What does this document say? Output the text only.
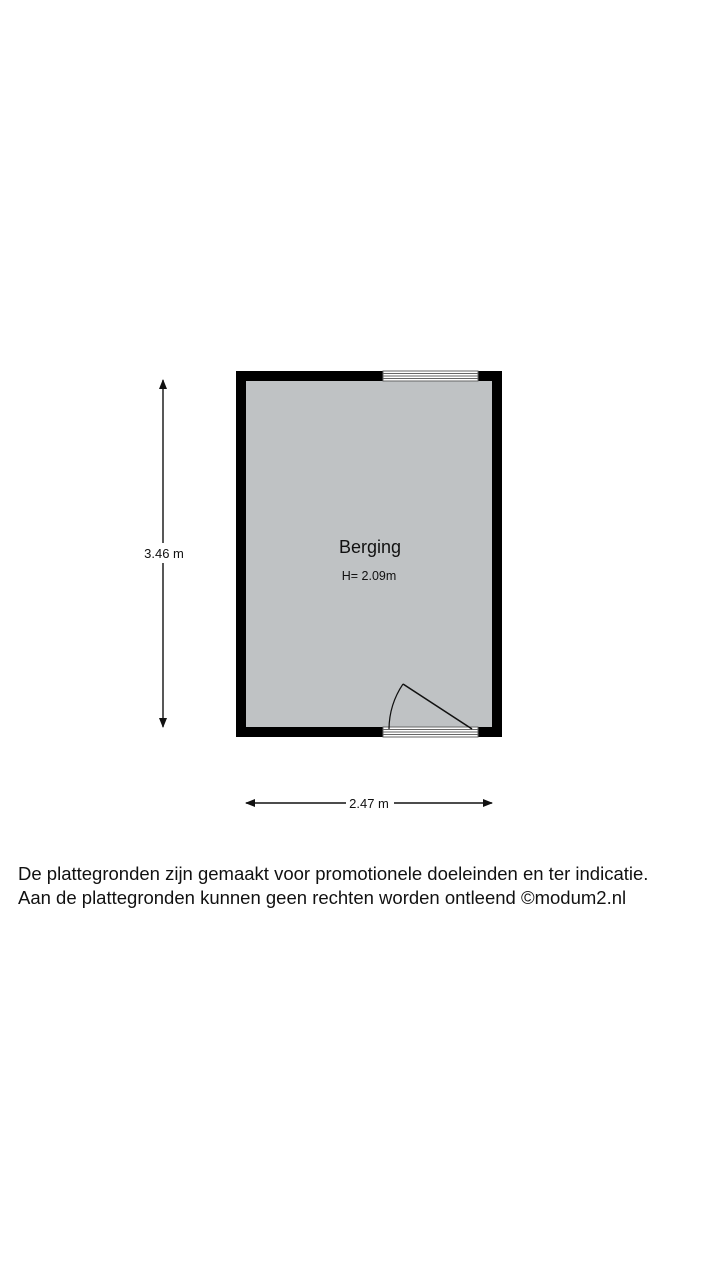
3.46 m
2.47 m
Berging
H= 2.09m
De plattegronden zijn gemaakt voor promotionele doeleinden en ter indicatie.
Aan de plattegronden kunnen geen rechten worden ontleend ©modum2.nl
